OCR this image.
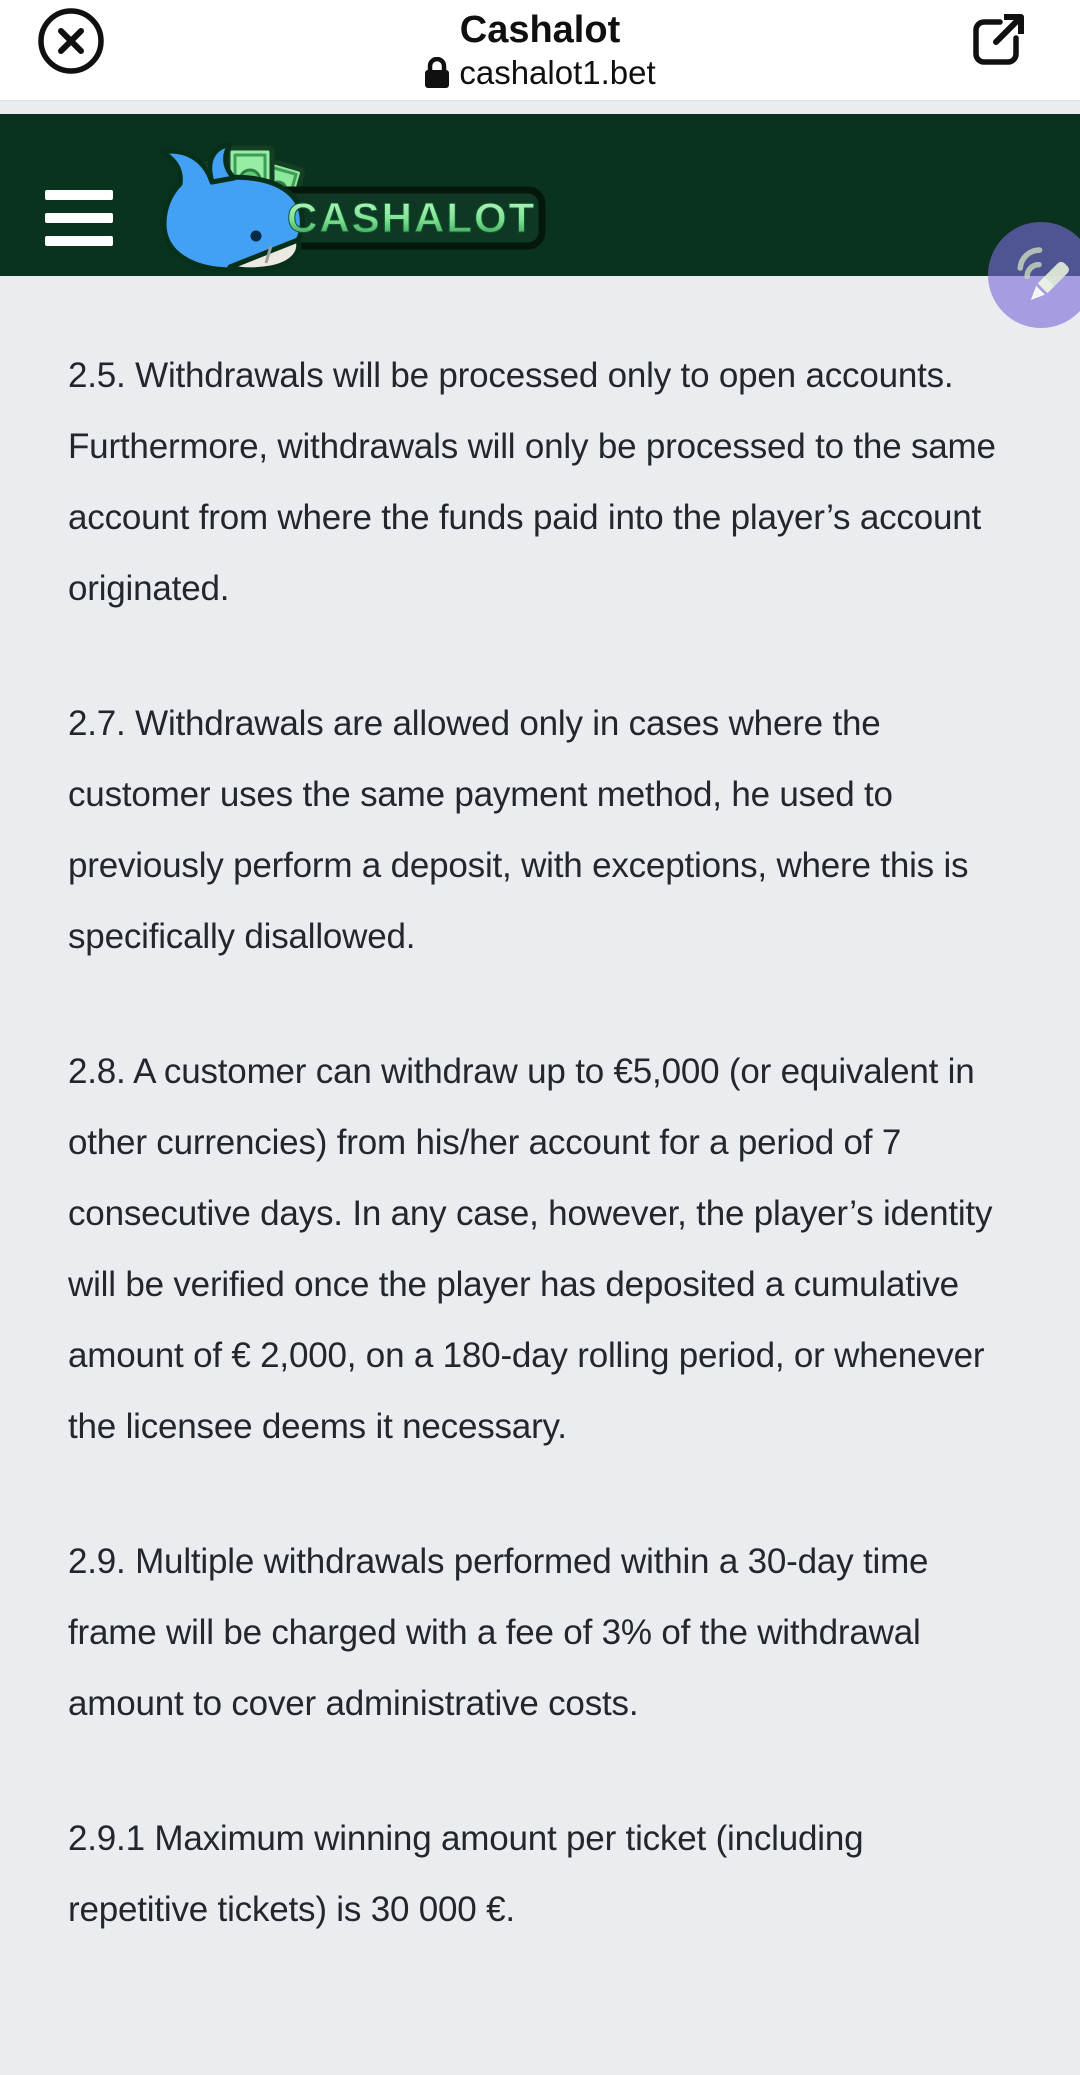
Cashalot
cashalot1.bet
CASHALOT

2.5. Withdrawals will be processed only to open accounts. Furthermore, withdrawals will only be processed to the same account from where the funds paid into the player’s account originated.

2.7. Withdrawals are allowed only in cases where the customer uses the same payment method, he used to previously perform a deposit, with exceptions, where this is specifically disallowed.

2.8. A customer can withdraw up to €5,000 (or equivalent in other currencies) from his/her account for a period of 7 consecutive days. In any case, however, the player’s identity will be verified once the player has deposited a cumulative amount of € 2,000, on a 180-day rolling period, or whenever the licensee deems it necessary.

2.9. Multiple withdrawals performed within a 30-day time frame will be charged with a fee of 3% of the withdrawal amount to cover administrative costs.

2.9.1 Maximum winning amount per ticket (including repetitive tickets) is 30 000 €.
